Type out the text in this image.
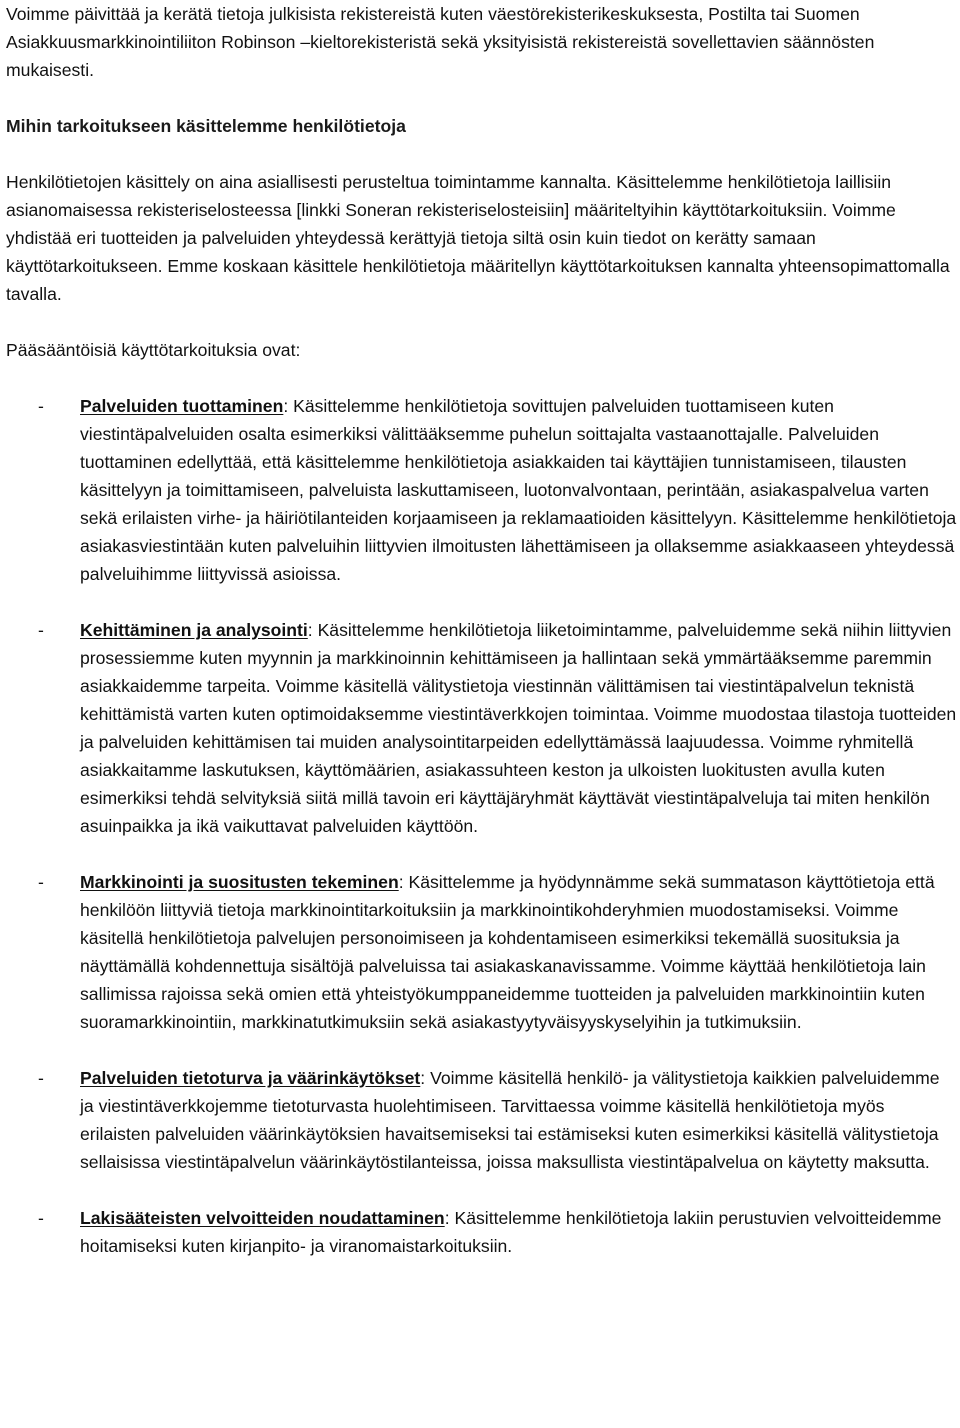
Voimme päivittää ja kerätä tietoja julkisista rekistereistä kuten väestörekisterikeskuksesta, Postilta tai Suomen Asiakkuusmarkkinointiliiton Robinson –kieltorekisteristä sekä yksityisistä rekistereistä sovellettavien säännösten mukaisesti.

Mihin tarkoitukseen käsittelemme henkilötietoja

Henkilötietojen käsittely on aina asiallisesti perusteltua toimintamme kannalta. Käsittelemme henkilötietoja laillisiin asianomaisessa rekisteriselosteessa [linkki Soneran rekisteriselosteisiin] määriteltyihin käyttötarkoituksiin. Voimme yhdistää eri tuotteiden ja palveluiden yhteydessä kerättyjä tietoja siltä osin kuin tiedot on kerätty samaan käyttötarkoitukseen. Emme koskaan käsittele henkilötietoja määritellyn käyttötarkoituksen kannalta yhteensopimattomalla tavalla.

Pääsääntöisiä käyttötarkoituksia ovat:

- Palveluiden tuottaminen: Käsittelemme henkilötietoja sovittujen palveluiden tuottamiseen kuten viestintäpalveluiden osalta esimerkiksi välittääksemme puhelun soittajalta vastaanottajalle. Palveluiden tuottaminen edellyttää, että käsittelemme henkilötietoja asiakkaiden tai käyttäjien tunnistamiseen, tilausten käsittelyyn ja toimittamiseen, palveluista laskuttamiseen, luotonvalvontaan, perintään, asiakaspalvelua varten sekä erilaisten virhe- ja häiriötilanteiden korjaamiseen ja reklamaatioiden käsittelyyn. Käsittelemme henkilötietoja asiakasviestintään kuten palveluihin liittyvien ilmoitusten lähettämiseen ja ollaksemme asiakkaaseen yhteydessä palveluihimme liittyvissä asioissa.
- Kehittäminen ja analysointi: Käsittelemme henkilötietoja liiketoimintamme, palveluidemme sekä niihin liittyvien prosessiemme kuten myynnin ja markkinoinnin kehittämiseen ja hallintaan sekä ymmärtääksemme paremmin asiakkaidemme tarpeita. Voimme käsitellä välitystietoja viestinnän välittämisen tai viestintäpalvelun teknistä kehittämistä varten kuten optimoidaksemme viestintäverkkojen toimintaa. Voimme muodostaa tilastoja tuotteiden ja palveluiden kehittämisen tai muiden analysointitarpeiden edellyttämässä laajuudessa. Voimme ryhmitellä asiakkaitamme laskutuksen, käyttömäärien, asiakassuhteen keston ja ulkoisten luokitusten avulla kuten esimerkiksi tehdä selvityksiä siitä millä tavoin eri käyttäjäryhmät käyttävät viestintäpalveluja tai miten henkilön asuinpaikka ja ikä vaikuttavat palveluiden käyttöön.
- Markkinointi ja suositusten tekeminen: Käsittelemme ja hyödynnämme sekä summatason käyttötietoja että henkilöön liittyviä tietoja markkinointitarkoituksiin ja markkinointikohderyhmien muodostamiseksi. Voimme käsitellä henkilötietoja palvelujen personoimiseen ja kohdentamiseen esimerkiksi tekemällä suosituksia ja näyttämällä kohdennettuja sisältöjä palveluissa tai asiakaskanavissamme. Voimme käyttää henkilötietoja lain sallimissa rajoissa sekä omien että yhteistyökumppaneidemme tuotteiden ja palveluiden markkinointiin kuten suoramarkkinointiin, markkinatutkimuksiin sekä asiakastyytyväisyyskyselyihin ja tutkimuksiin.
- Palveluiden tietoturva ja väärinkäytökset: Voimme käsitellä henkilö- ja välitystietoja kaikkien palveluidemme ja viestintäverkkojemme tietoturvasta huolehtimiseen. Tarvittaessa voimme käsitellä henkilötietoja myös erilaisten palveluiden väärinkäytöksien havaitsemiseksi tai estämiseksi kuten esimerkiksi käsitellä välitystietoja sellaisissa viestintäpalvelun väärinkäytöstilanteissa, joissa maksullista viestintäpalvelua on käytetty maksutta.
- Lakisääteisten velvoitteiden noudattaminen: Käsittelemme henkilötietoja lakiin perustuvien velvoitteidemme hoitamiseksi kuten kirjanpito- ja viranomaistarkoituksiin.
